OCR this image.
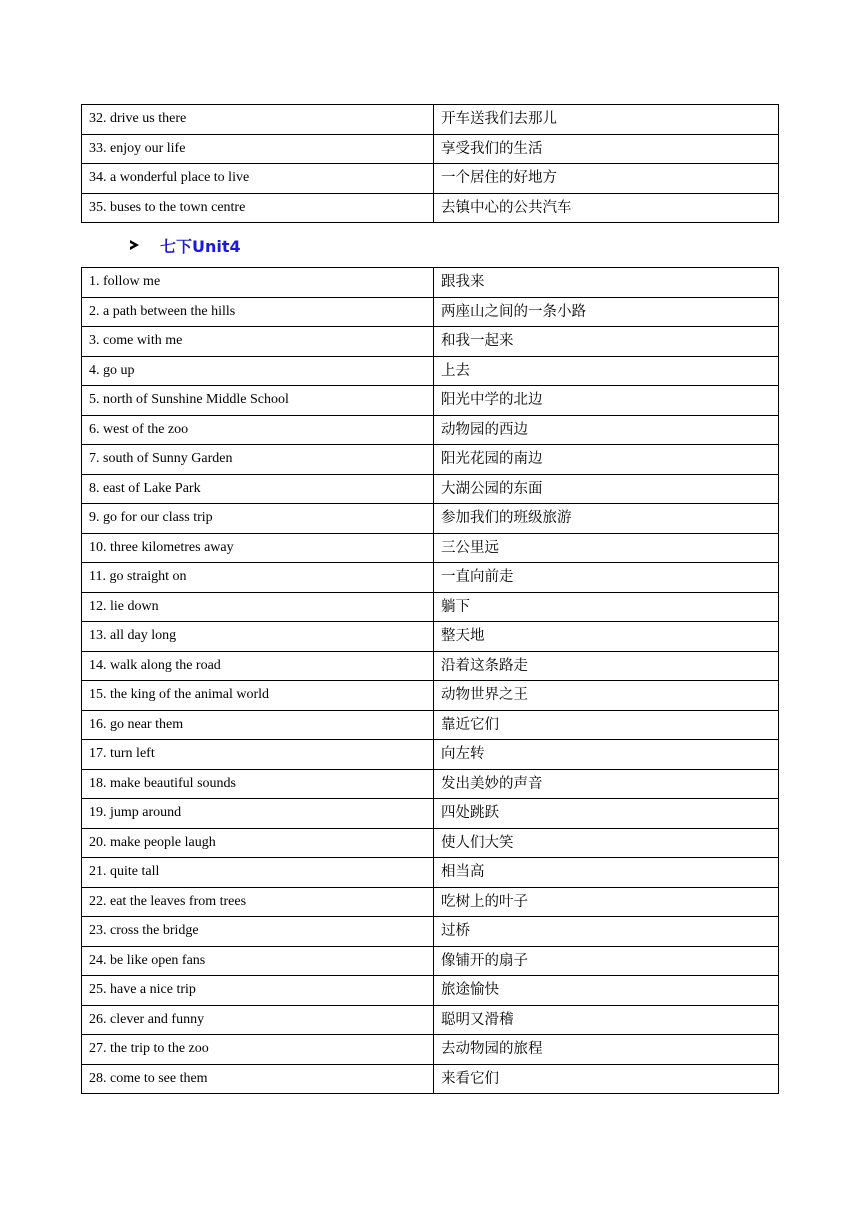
32. drive us there	开车送我们去那儿
33. enjoy our life	享受我们的生活
34. a wonderful place to live	一个居住的好地方
35. buses to the town centre	去镇中心的公共汽车
七下Unit4
1. follow me	跟我来
2. a path between the hills	两座山之间的一条小路
3. come with me	和我一起来
4. go up	上去
5. north of Sunshine Middle School	阳光中学的北边
6. west of the zoo	动物园的西边
7. south of Sunny Garden	阳光花园的南边
8. east of Lake Park	大湖公园的东面
9. go for our class trip	参加我们的班级旅游
10. three kilometres away	三公里远
11. go straight on	一直向前走
12. lie down	躺下
13. all day long	整天地
14. walk along the road	沿着这条路走
15. the king of the animal world	动物世界之王
16. go near them	靠近它们
17. turn left	向左转
18. make beautiful sounds	发出美妙的声音
19. jump around	四处跳跃
20. make people laugh	使人们大笑
21. quite tall	相当高
22. eat the leaves from trees	吃树上的叶子
23. cross the bridge	过桥
24. be like open fans	像铺开的扇子
25. have a nice trip	旅途愉快
26. clever and funny	聪明又滑稽
27. the trip to the zoo	去动物园的旅程
28. come to see them	来看它们
